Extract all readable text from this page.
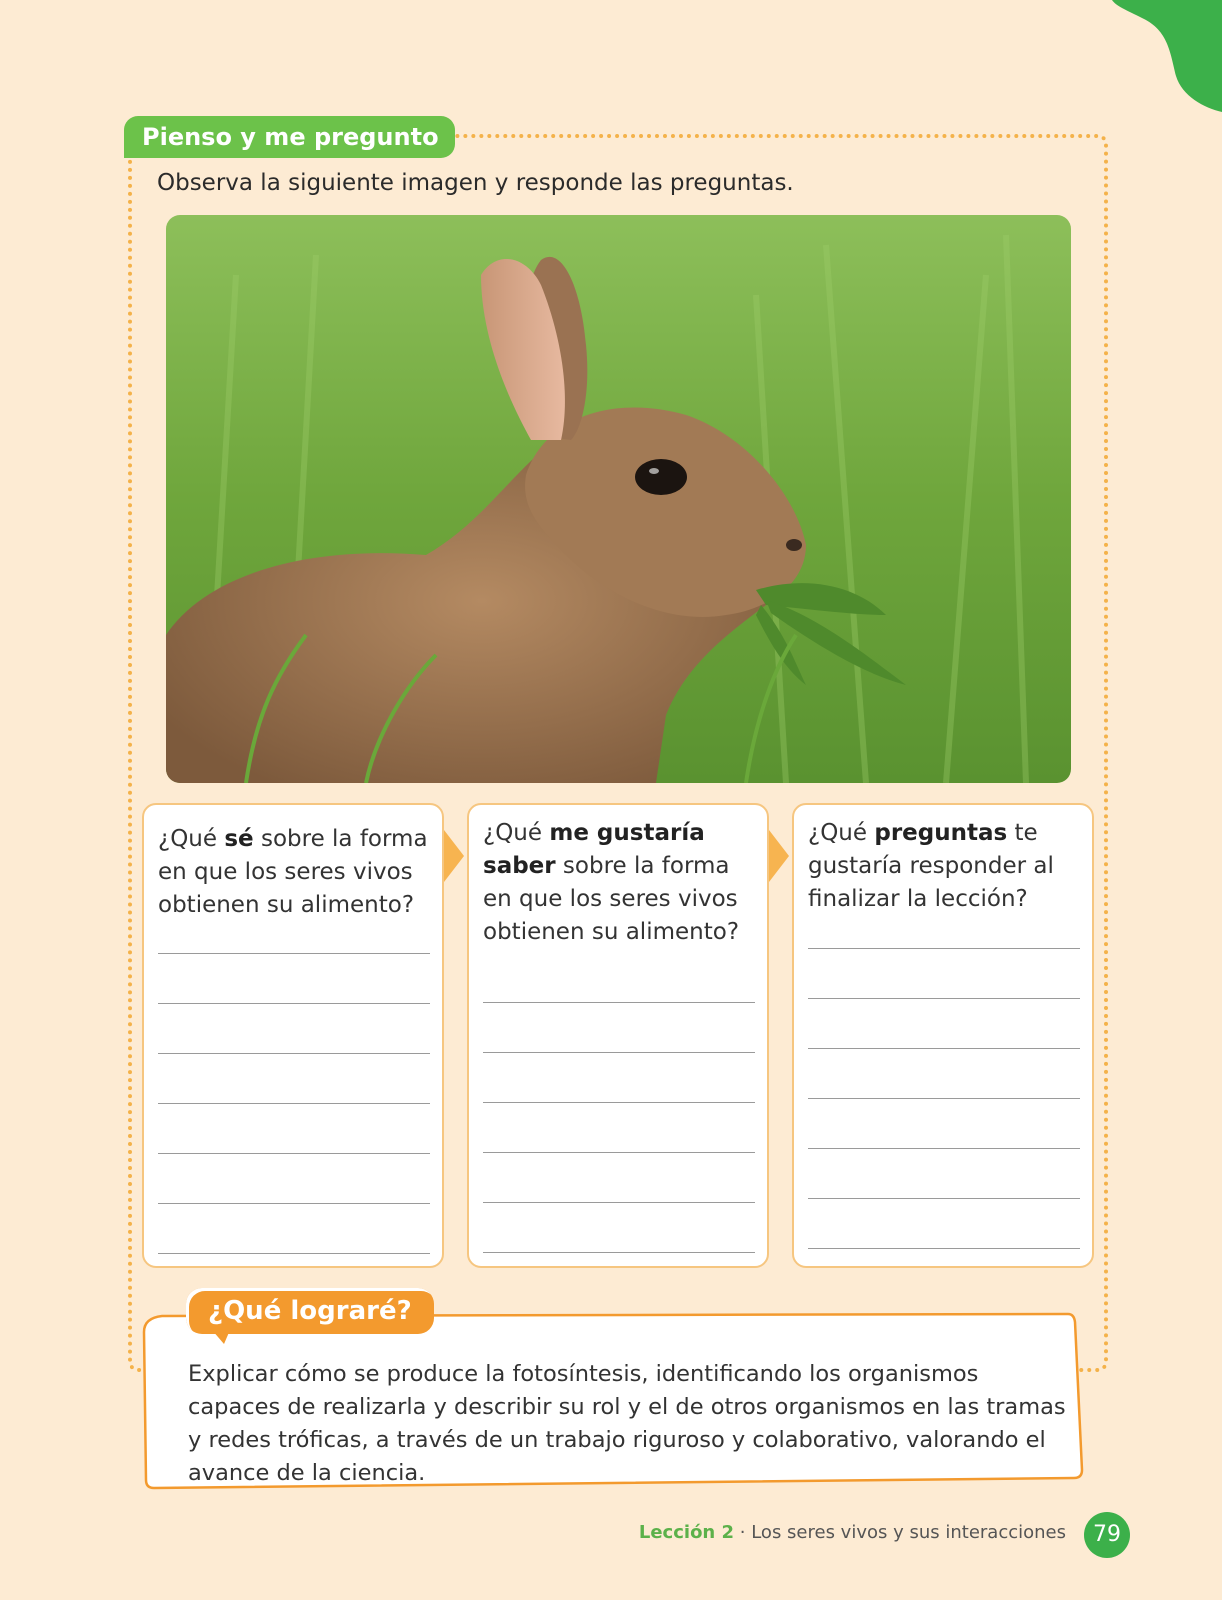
Pienso y me pregunto
Observa la siguiente imagen y responde las preguntas.
¿Qué sé sobre la forma en que los seres vivos obtienen su alimento?
¿Qué me gustaría saber sobre la forma en que los seres vivos obtienen su alimento?
¿Qué preguntas te gustaría responder al finalizar la lección?
¿Qué lograré?
Explicar cómo se produce la fotosíntesis, identificando los organismos capaces de realizarla y describir su rol y el de otros organismos en las tramas y redes tróficas, a través de un trabajo riguroso y colaborativo, valorando el avance de la ciencia.
Lección 2 · Los seres vivos y sus interacciones	79
